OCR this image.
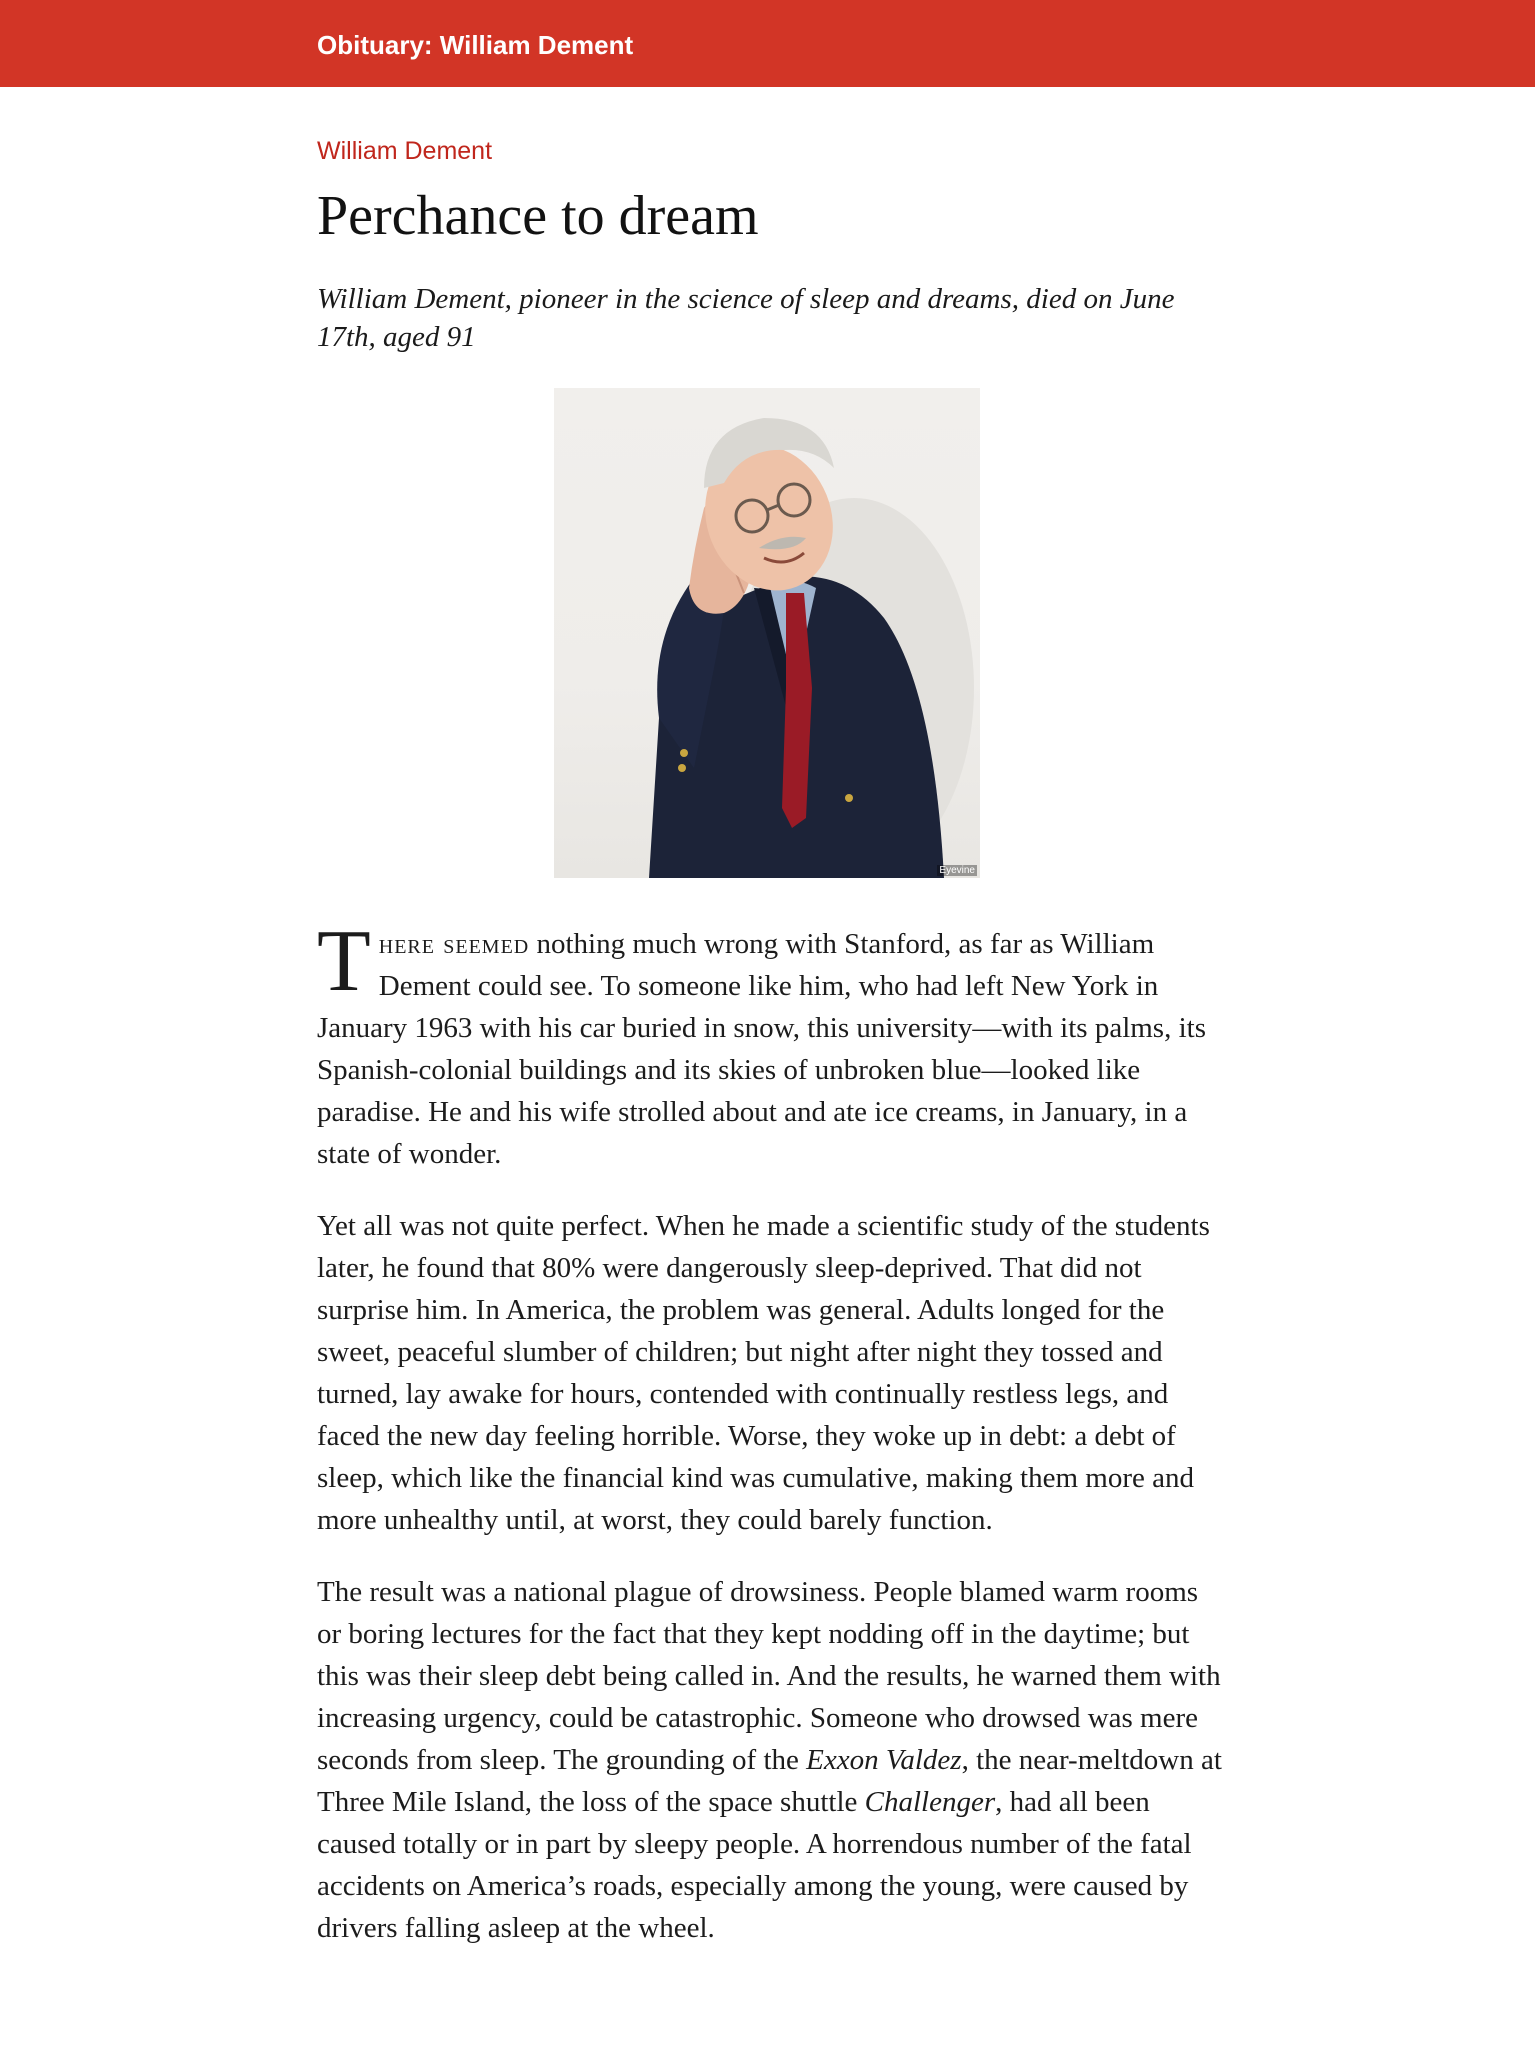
Obituary: William Dement
William Dement
Perchance to dream
William Dement, pioneer in the science of sleep and dreams, died on June 17th, aged 91
Eyevine

There seemed nothing much wrong with Stanford, as far as William Dement could see. To someone like him, who had left New York in January 1963 with his car buried in snow, this university—with its palms, its Spanish-colonial buildings and its skies of unbroken blue—looked like paradise. He and his wife strolled about and ate ice creams, in January, in a state of wonder.

Yet all was not quite perfect. When he made a scientific study of the students later, he found that 80% were dangerously sleep-deprived. That did not surprise him. In America, the problem was general. Adults longed for the sweet, peaceful slumber of children; but night after night they tossed and turned, lay awake for hours, contended with continually restless legs, and faced the new day feeling horrible. Worse, they woke up in debt: a debt of sleep, which like the financial kind was cumulative, making them more and more unhealthy until, at worst, they could barely function.

The result was a national plague of drowsiness. People blamed warm rooms or boring lectures for the fact that they kept nodding off in the daytime; but this was their sleep debt being called in. And the results, he warned them with increasing urgency, could be catastrophic. Someone who drowsed was mere seconds from sleep. The grounding of the Exxon Valdez, the near-meltdown at Three Mile Island, the loss of the space shuttle Challenger, had all been caused totally or in part by sleepy people. A horrendous number of the fatal accidents on America’s roads, especially among the young, were caused by drivers falling asleep at the wheel.
